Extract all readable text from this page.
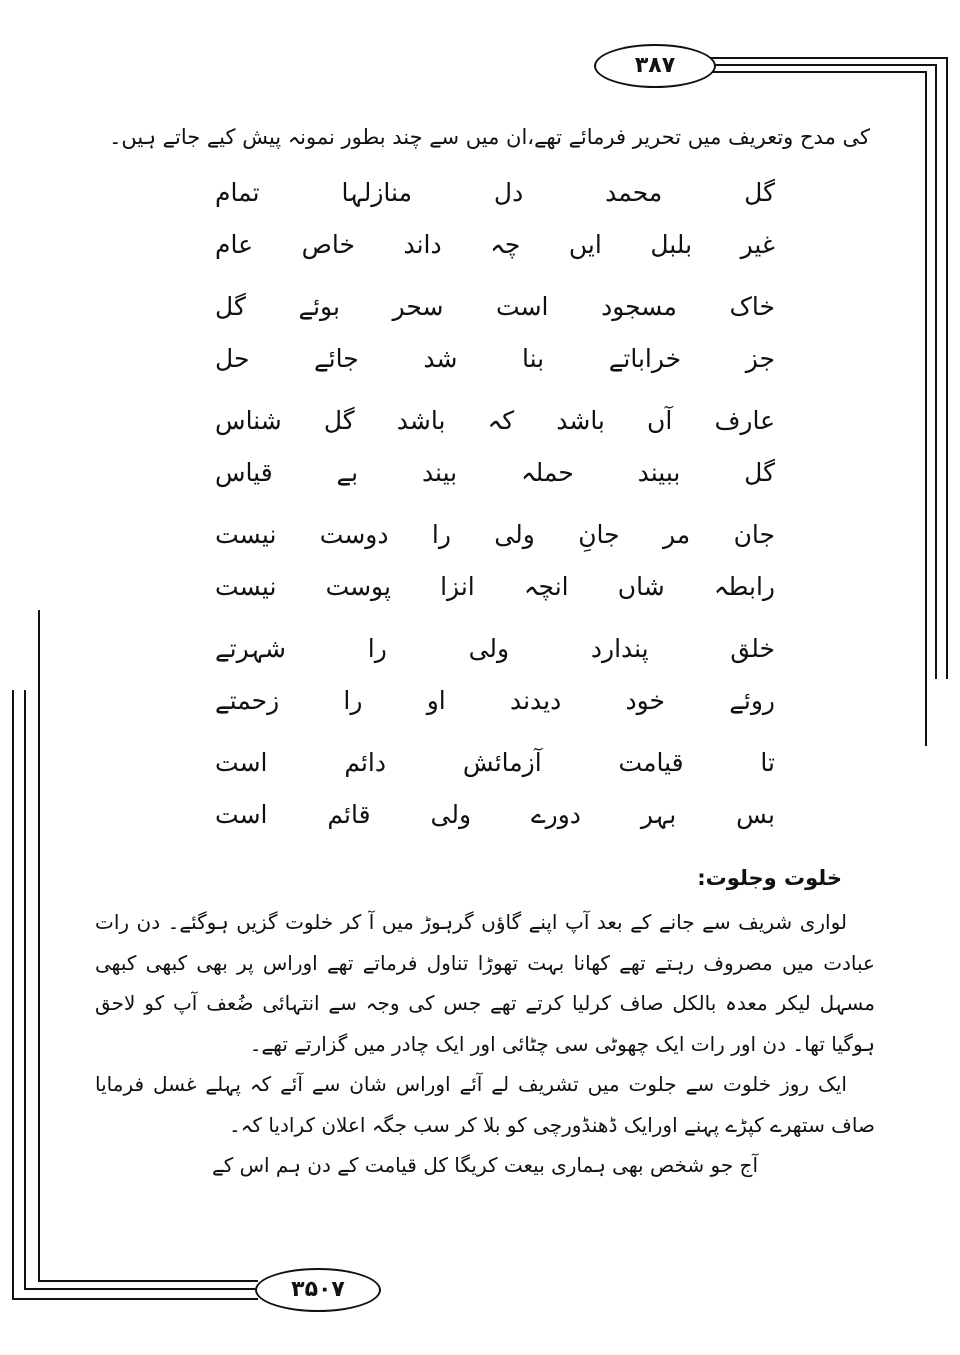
۳۸۷
۳۵۰۷
کی مدح وتعریف میں تحریر فرمائے تھے،ان میں سے چند بطور نمونہ پیش کیے جاتے ہیں۔
گل
محمد
دل
منازلہا
تمام
غیر
بلبل
ایں
چہ
داند
خاص
عام
خاک
مسجود
است
سحر
بوئے
گل
جز
خراباتے
بنا
شد
جائے
حل
عارف
آں
باشد
کہ
باشد
گل
شناس
گل
ببیند
حملہ
بیند
بے
قیاس
جان
مر
جانِ
ولی
را
دوست
نیست
رابطہ
شاں
انچہ
انزا
پوست
نیست
خلق
پندارد
ولی
را
شہرتے
روئے
خود
دیدند
او
را
زحمتے
تا
قیامت
آزمائش
دائم
است
بس
بہر
دورے
ولی
قائم
است
خلوت وجلوت:

لواری شریف سے جانے کے بعد آپ اپنے گاؤں گرہوڑ میں آ کر خلوت گزیں ہوگئے۔ دن رات عبادت میں مصروف رہتے تھے کھانا بہت تھوڑا تناول فرماتے تھے اوراس پر بھی کبھی کبھی مسہل لیکر معدہ بالکل صاف کرلیا کرتے تھے جس کی وجہ سے انتہائی ضُعف آپ کو لاحق ہوگیا تھا۔ دن اور رات ایک چھوٹی سی چٹائی اور ایک چادر میں گزارتے تھے۔

ایک روز خلوت سے جلوت میں تشریف لے آئے اوراس شان سے آئے کہ پہلے غسل فرمایا صاف ستھرے کپڑے پہنے اورایک ڈھنڈورچی کو بلا کر سب جگہ اعلان کرادیا کہ۔

آج جو شخص بھی ہماری بیعت کریگا کل قیامت کے دن ہم اس کے
